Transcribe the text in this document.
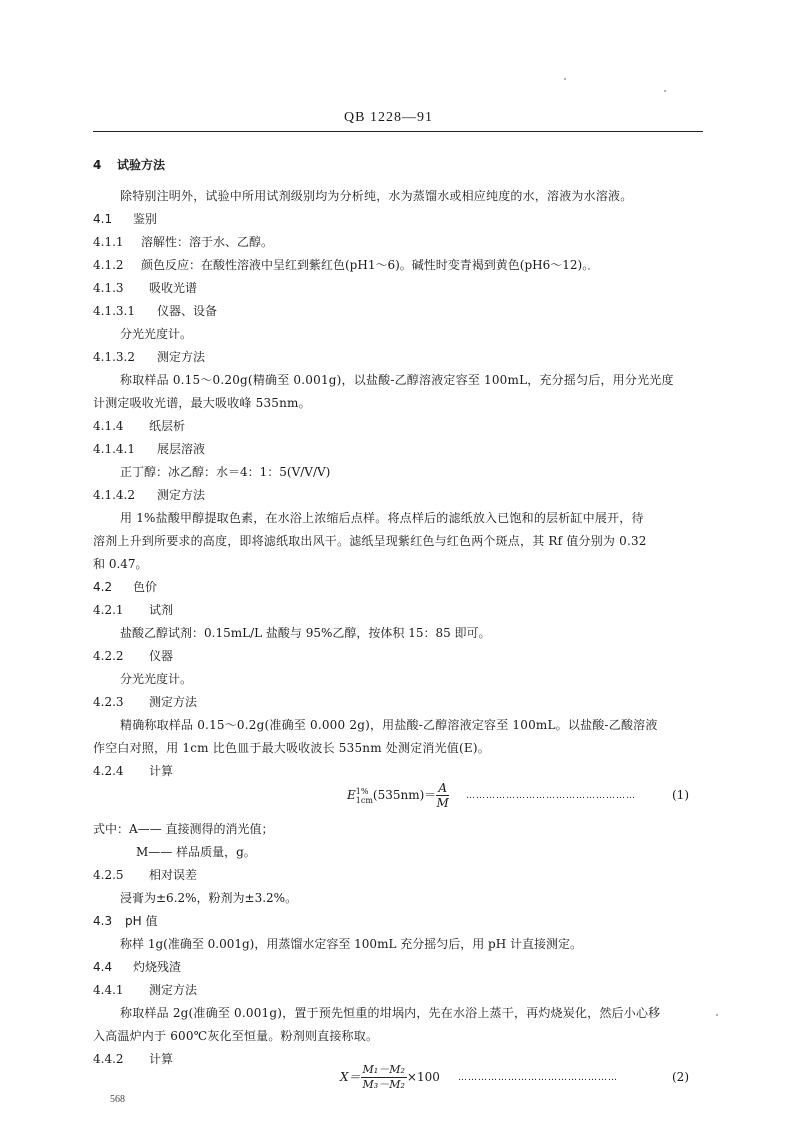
QB 1228—91
4 试验方法
除特别注明外，试验中所用试剂级别均为分析纯，水为蒸馏水或相应纯度的水，溶液为水溶液。
4.1 鉴别
4.1.1 溶解性：溶于水、乙醇。
4.1.2 颜色反应：在酸性溶液中呈红到紫红色(pH1～6)。碱性时变青褐到黄色(pH6～12)。
4.1.3 吸收光谱
4.1.3.1 仪器、设备
分光光度计。
4.1.3.2 测定方法
称取样品 0.15～0.20g(精确至 0.001g)，以盐酸-乙醇溶液定容至 100mL，充分摇匀后，用分光光度
计测定吸收光谱，最大吸收峰 535nm。
4.1.4 纸层析
4.1.4.1 展层溶液
正丁醇：冰乙醇：水＝4：1：5(V/V/V)
4.1.4.2 测定方法
用 1%盐酸甲醇提取色素，在水浴上浓缩后点样。将点样后的滤纸放入已饱和的层析缸中展开，待
溶剂上升到所要求的高度，即将滤纸取出风干。滤纸呈现紫红色与红色两个斑点，其 Rf 值分别为 0.32
和 0.47。
4.2 色价
4.2.1 试剂
盐酸乙醇试剂：0.15mL/L 盐酸与 95%乙醇，按体积 15：85 即可。
4.2.2 仪器
分光光度计。
4.2.3 测定方法
精确称取样品 0.15～0.2g(准确至 0.000 2g)，用盐酸-乙醇溶液定容至 100mL。以盐酸-乙酸溶液
作空白对照，用 1cm 比色皿于最大吸收波长 535nm 处测定消光值(E)。
4.2.4 计算
E 1%
1cm $(535nm)= \frac{A}{M}$ ……………………………………………	(1)
式中：A—— 直接测得的消光值；
M—— 样品质量，g。
4.2.5 相对误差
浸膏为±6.2%，粉剂为±3.2%。
4.3 pH 值
称样 1g(准确至 0.001g)，用蒸馏水定容至 100mL 充分摇匀后，用 pH 计直接测定。
4.4 灼烧残渣
4.4.1 测定方法
称取样品 2g(准确至 0.001g)，置于预先恒重的坩埚内，先在水浴上蒸干，再灼烧炭化，然后小心移
入高温炉内于 600℃灰化至恒量。粉剂则直接称取。
4.4.2 计算
$X= \frac{\text{M₁－M₂}}{\text{M₃－M₂}} \times 100$ …………………………………………	(2)
568
